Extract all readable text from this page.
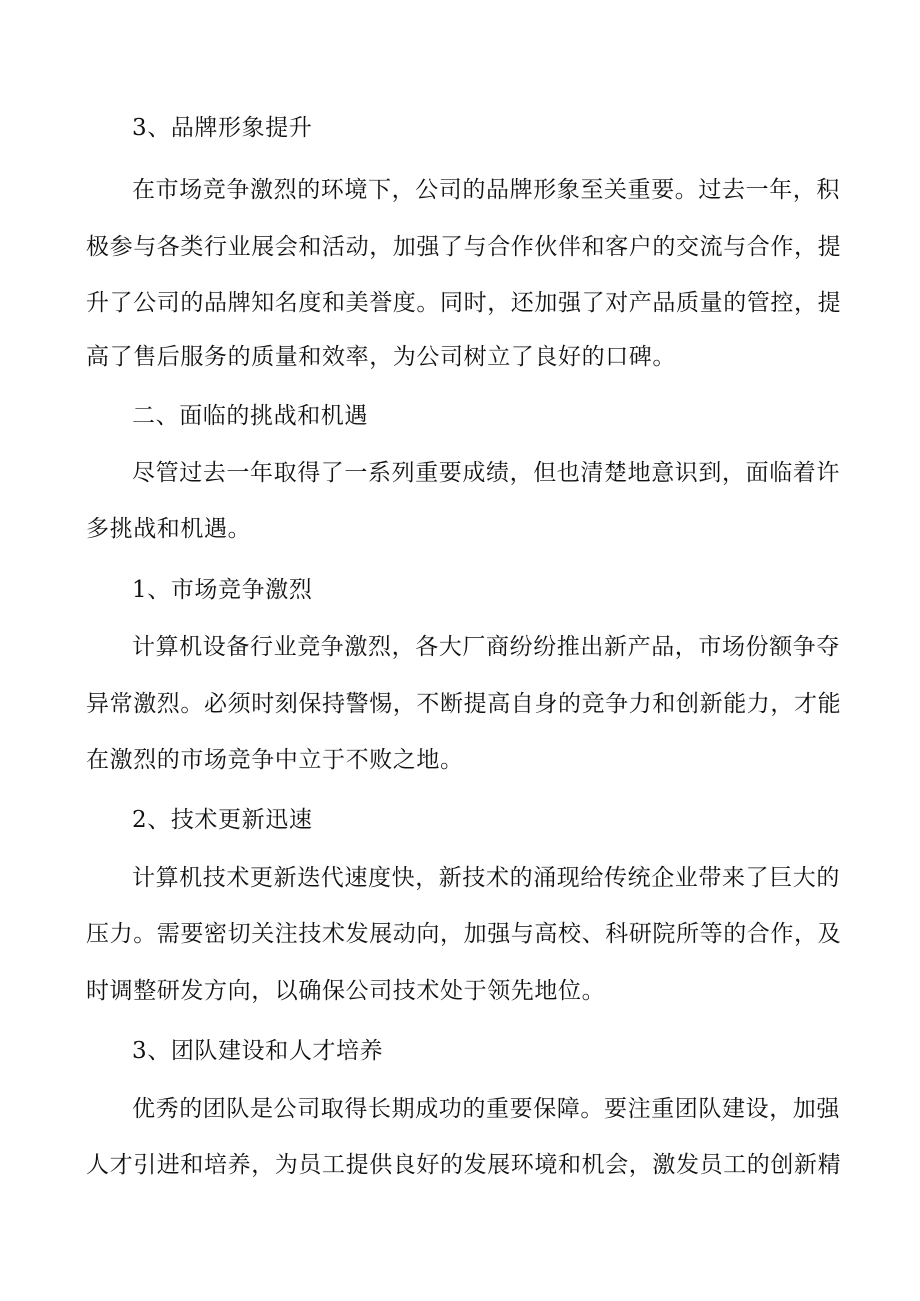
3、品牌形象提升
在市场竞争激烈的环境下，公司的品牌形象至关重要。过去一年，积
极参与各类行业展会和活动，加强了与合作伙伴和客户的交流与合作，提
升了公司的品牌知名度和美誉度。同时，还加强了对产品质量的管控，提
高了售后服务的质量和效率，为公司树立了良好的口碑。
二、面临的挑战和机遇
尽管过去一年取得了一系列重要成绩，但也清楚地意识到，面临着许
多挑战和机遇。
1、市场竞争激烈
计算机设备行业竞争激烈，各大厂商纷纷推出新产品，市场份额争夺
异常激烈。必须时刻保持警惕，不断提高自身的竞争力和创新能力，才能
在激烈的市场竞争中立于不败之地。
2、技术更新迅速
计算机技术更新迭代速度快，新技术的涌现给传统企业带来了巨大的
压力。需要密切关注技术发展动向，加强与高校、科研院所等的合作，及
时调整研发方向，以确保公司技术处于领先地位。
3、团队建设和人才培养
优秀的团队是公司取得长期成功的重要保障。要注重团队建设，加强
人才引进和培养，为员工提供良好的发展环境和机会，激发员工的创新精
